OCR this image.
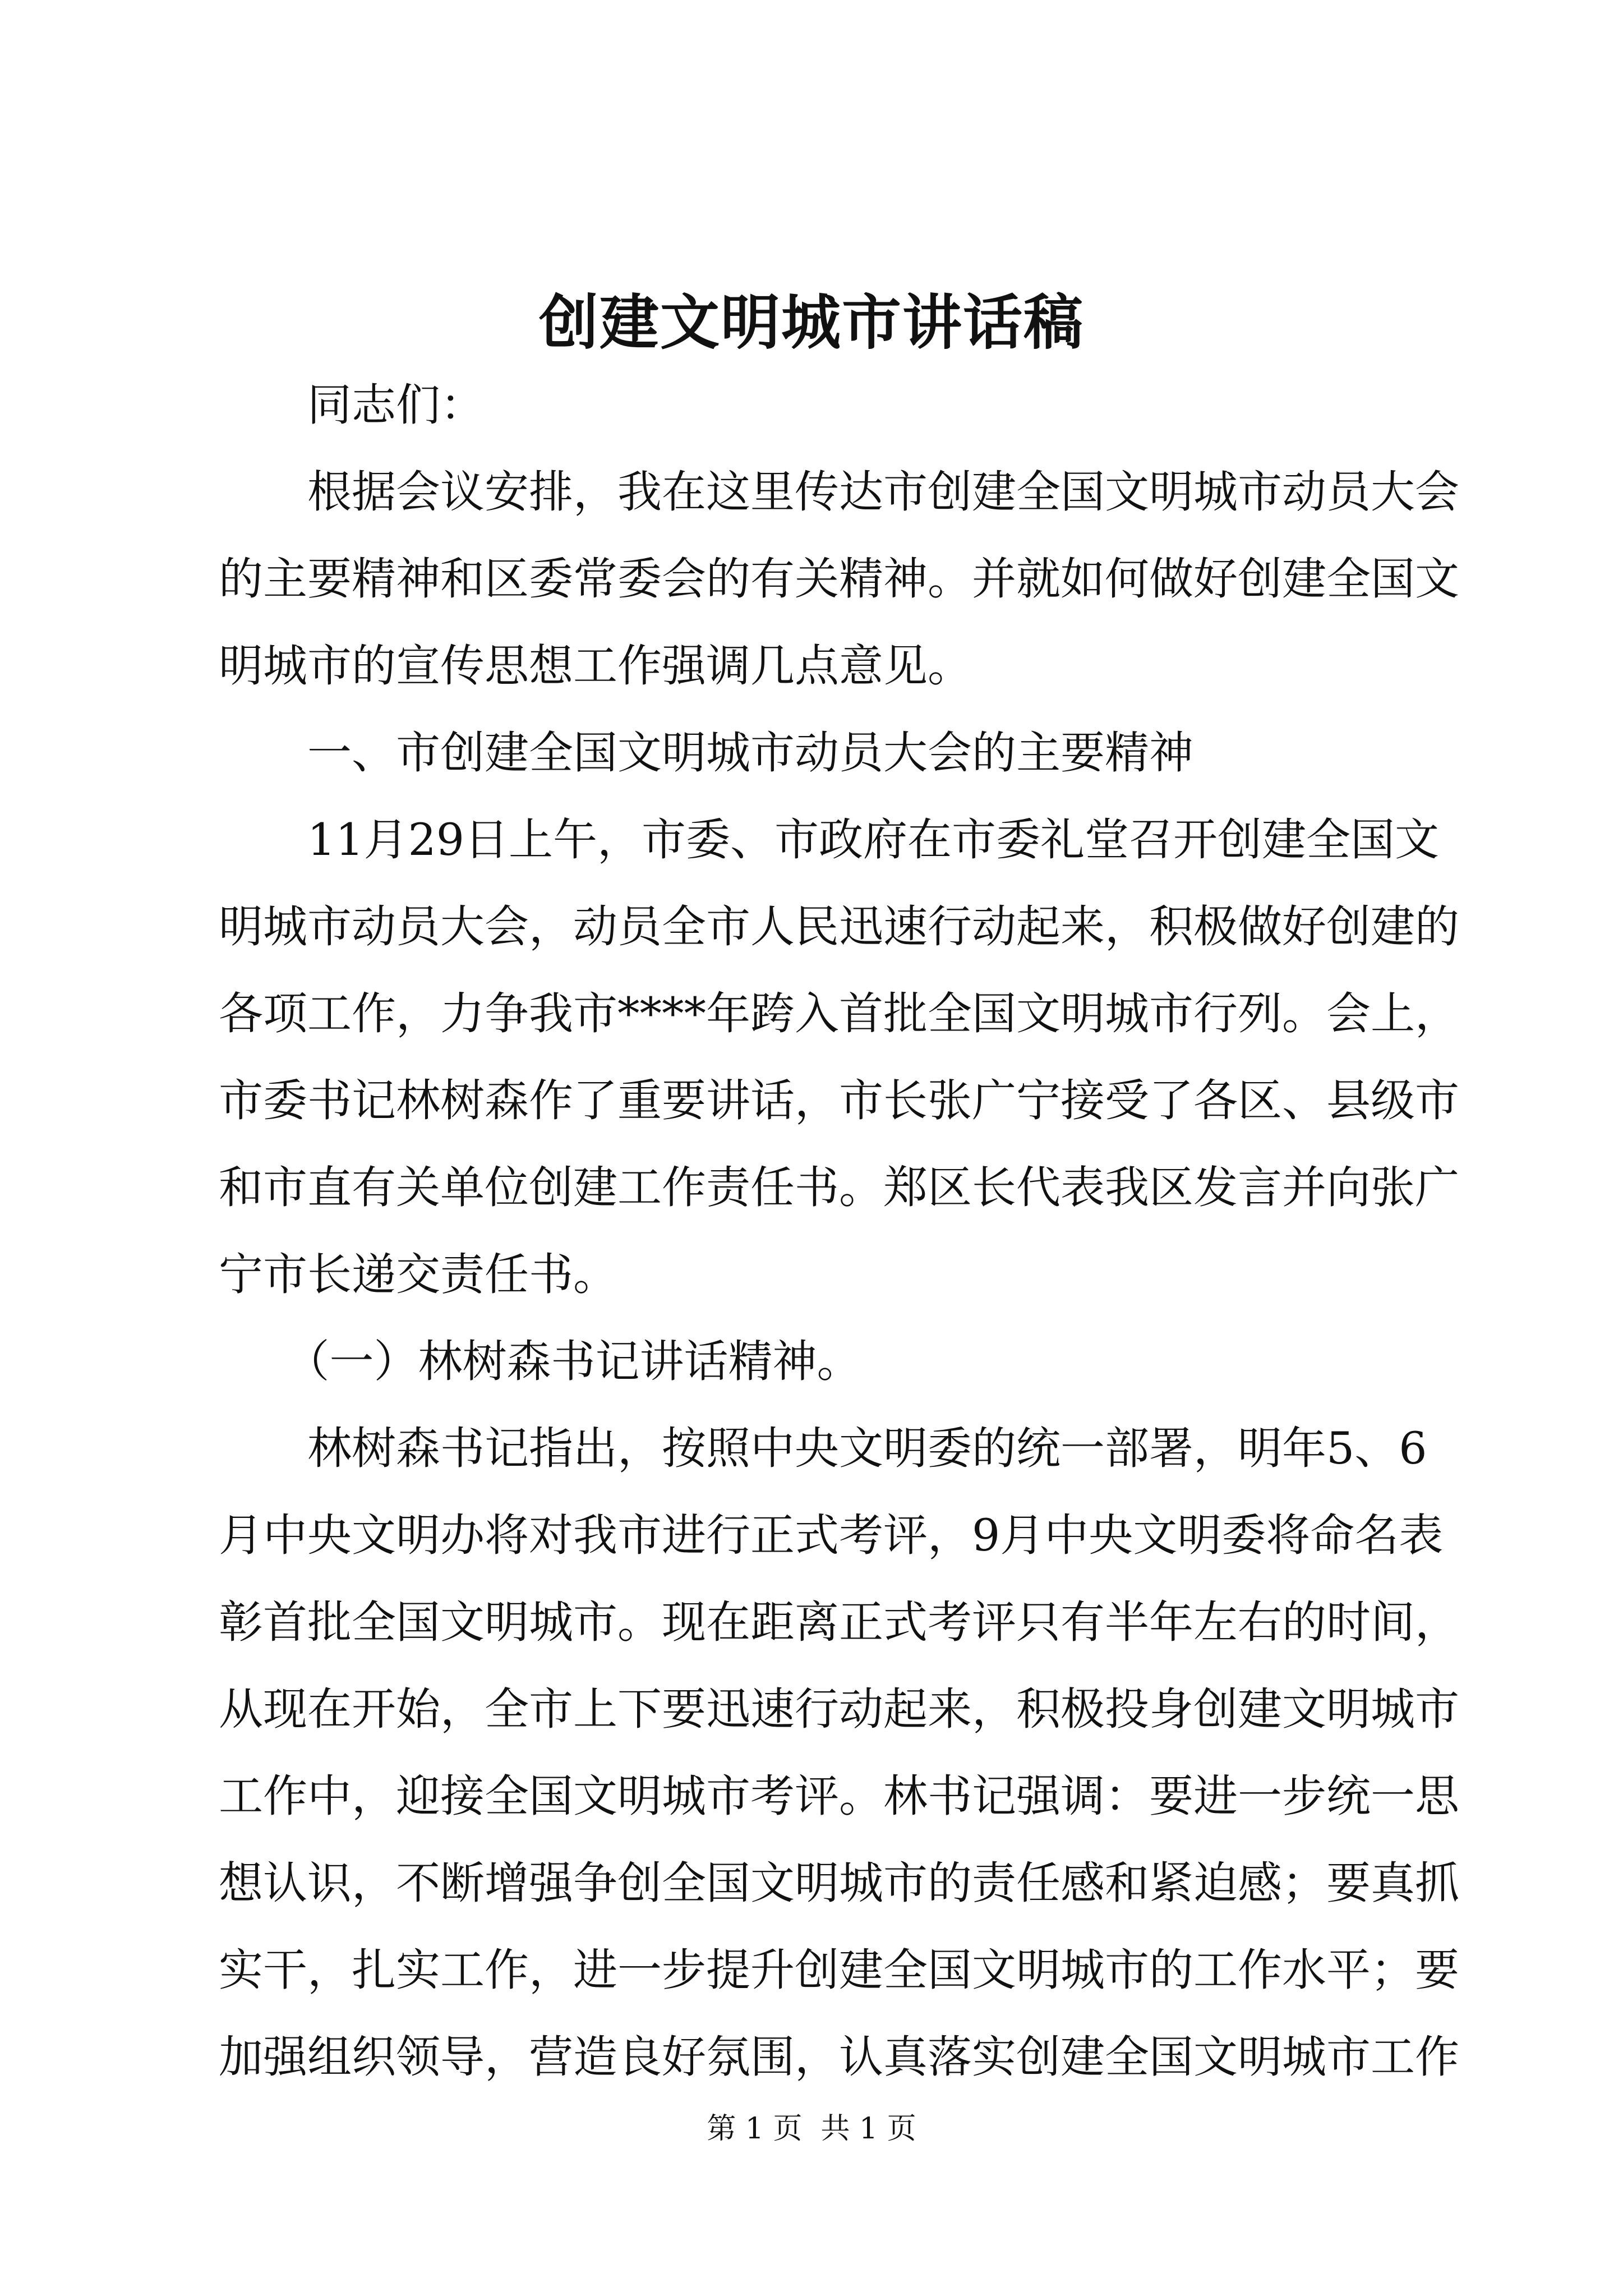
创建文明城市讲话稿
　　同志们：
　　根据会议安排，我在这里传达市创建全国文明城市动员大会
的主要精神和区委常委会的有关精神。并就如何做好创建全国文
明城市的宣传思想工作强调几点意见。
　　一、市创建全国文明城市动员大会的主要精神
　　11月29日上午，市委、市政府在市委礼堂召开创建全国文
明城市动员大会，动员全市人民迅速行动起来，积极做好创建的
各项工作，力争我市****年跨入首批全国文明城市行列。会上，
市委书记林树森作了重要讲话，市长张广宁接受了各区、县级市
和市直有关单位创建工作责任书。郑区长代表我区发言并向张广
宁市长递交责任书。
　　（一）林树森书记讲话精神。
　　林树森书记指出，按照中央文明委的统一部署，明年5、6
月中央文明办将对我市进行正式考评，9月中央文明委将命名表
彰首批全国文明城市。现在距离正式考评只有半年左右的时间，
从现在开始，全市上下要迅速行动起来，积极投身创建文明城市
工作中，迎接全国文明城市考评。林书记强调：要进一步统一思
想认识，不断增强争创全国文明城市的责任感和紧迫感；要真抓
实干，扎实工作，进一步提升创建全国文明城市的工作水平；要
加强组织领导，营造良好氛围，认真落实创建全国文明城市工作
第 1 页  共 1 页
